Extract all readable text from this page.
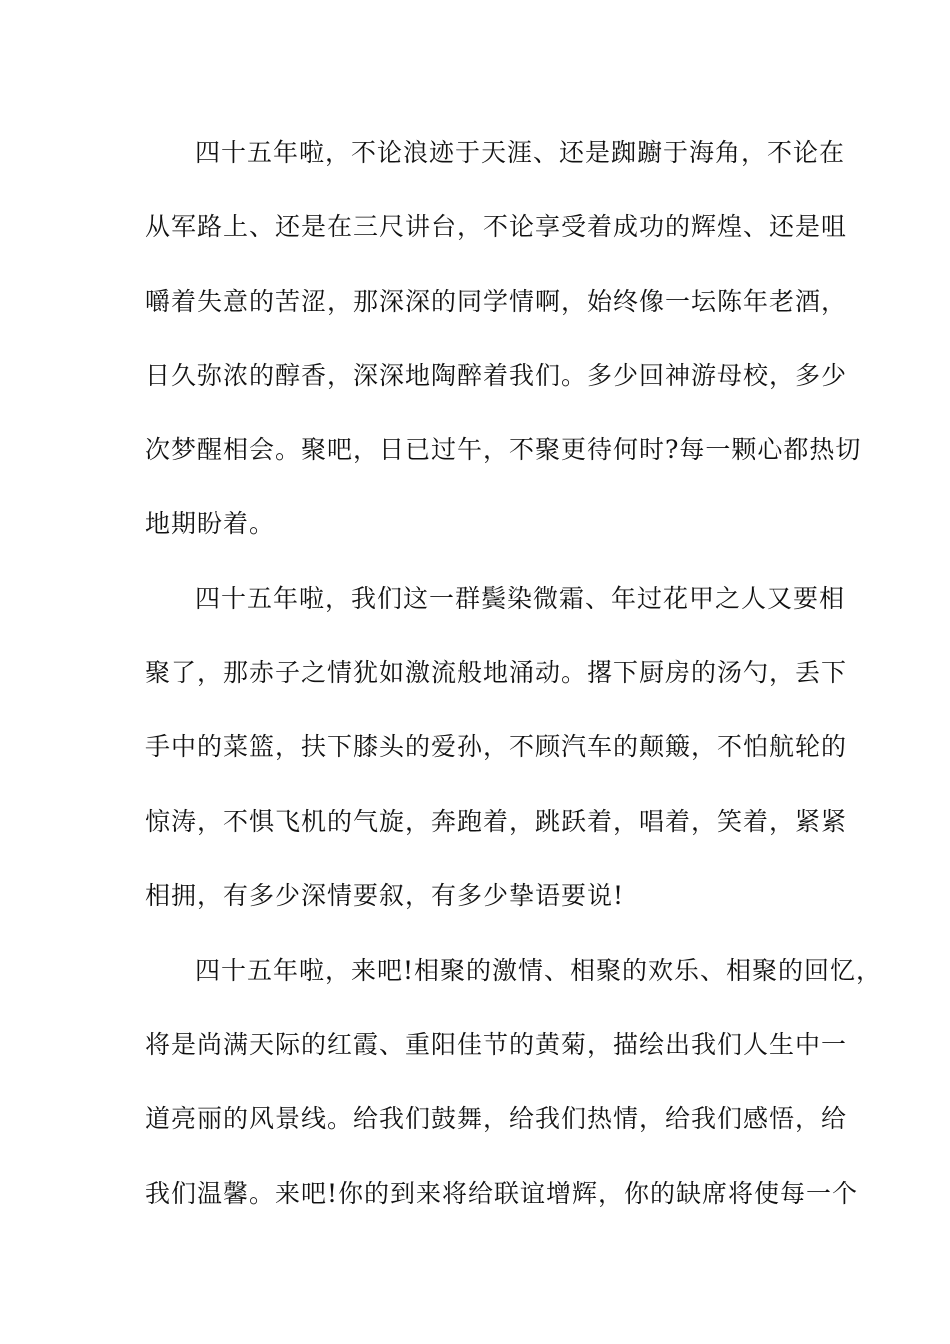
四十五年啦，不论浪迹于天涯、还是踟躕于海角，不论在
从军路上、还是在三尺讲台，不论享受着成功的辉煌、还是咀
嚼着失意的苦涩，那深深的同学情啊，始终像一坛陈年老酒，
日久弥浓的醇香，深深地陶醉着我们。多少回神游母校，多少
次梦醒相会。聚吧，日已过午，不聚更待何时?每一颗心都热切
地期盼着。
四十五年啦，我们这一群鬓染微霜、年过花甲之人又要相
聚了，那赤子之情犹如激流般地涌动。撂下厨房的汤勺，丢下
手中的菜篮，扶下膝头的爱孙，不顾汽车的颠簸，不怕航轮的
惊涛，不惧飞机的气旋，奔跑着，跳跃着，唱着，笑着，紧紧
相拥，有多少深情要叙，有多少挚语要说!
四十五年啦，来吧!相聚的激情、相聚的欢乐、相聚的回忆，
将是尚满天际的红霞、重阳佳节的黄菊，描绘出我们人生中一
道亮丽的风景线。给我们鼓舞，给我们热情，给我们感悟，给
我们温馨。来吧!你的到来将给联谊增辉，你的缺席将使每一个
